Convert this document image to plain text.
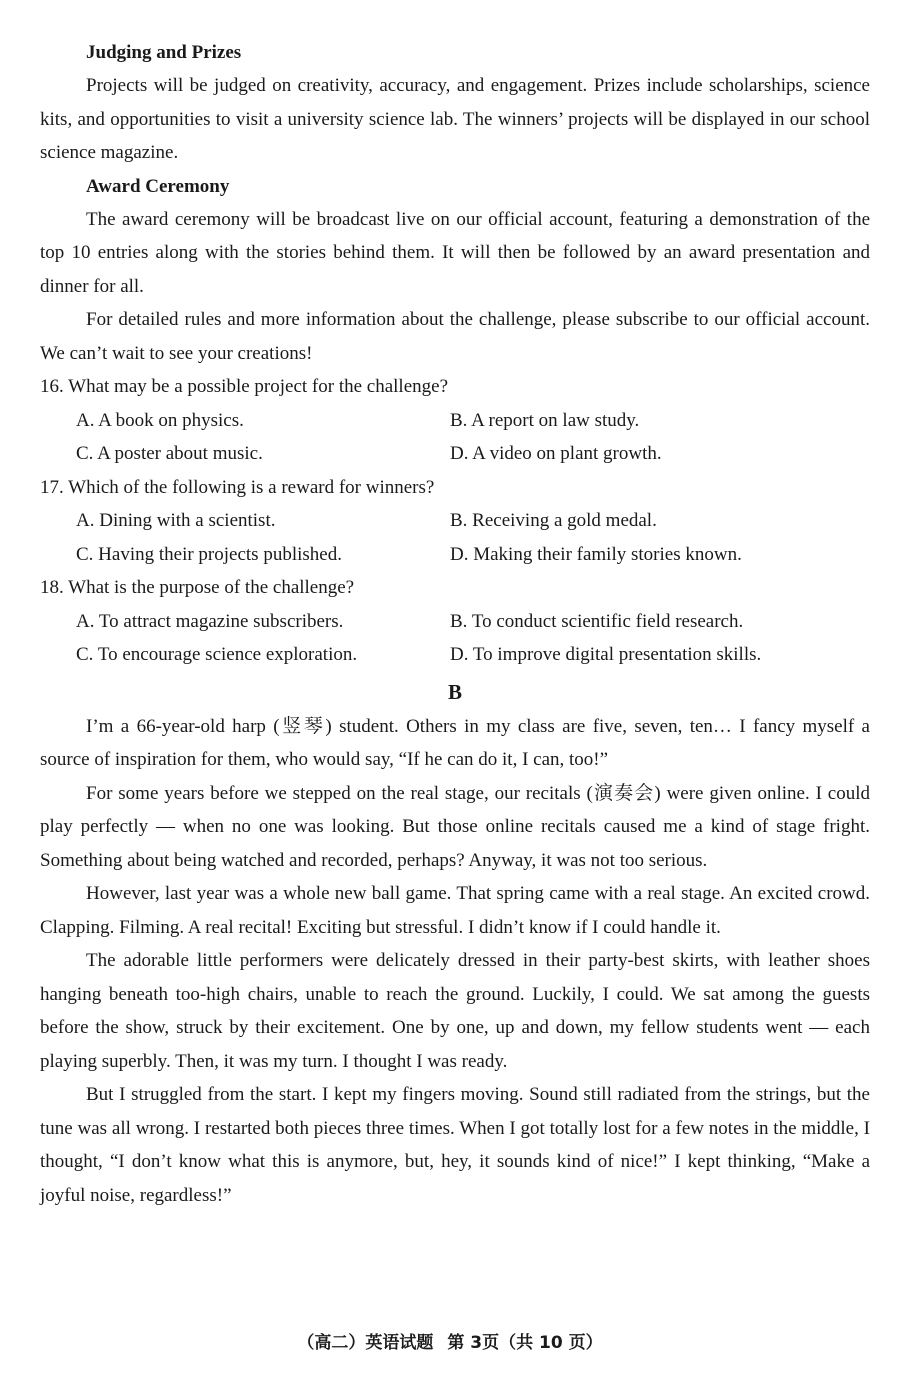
Judging and Prizes

Projects will be judged on creativity, accuracy, and engagement. Prizes include scholarships, science kits, and opportunities to visit a university science lab. The winners’ projects will be displayed in our school science magazine.

Award Ceremony

The award ceremony will be broadcast live on our official account, featuring a demonstration of the top 10 entries along with the stories behind them. It will then be followed by an award presentation and dinner for all.

For detailed rules and more information about the challenge, please subscribe to our official account. We can’t wait to see your creations!

16. What may be a possible project for the challenge?

A. A book on physics.	B. A report on law study.
C. A poster about music.	D. A video on plant growth.

17. Which of the following is a reward for winners?

A. Dining with a scientist.	B. Receiving a gold medal.
C. Having their projects published.	D. Making their family stories known.

18. What is the purpose of the challenge?

A. To attract magazine subscribers.	B. To conduct scientific field research.
C. To encourage science exploration.	D. To improve digital presentation skills.
B

I’m a 66-year-old harp (竖琴) student. Others in my class are five, seven, ten… I fancy myself a source of inspiration for them, who would say, “If he can do it, I can, too!”

For some years before we stepped on the real stage, our recitals (演奏会) were given online. I could play perfectly — when no one was looking. But those online recitals caused me a kind of stage fright. Something about being watched and recorded, perhaps? Anyway, it was not too serious.

However, last year was a whole new ball game. That spring came with a real stage. An excited crowd. Clapping. Filming. A real recital! Exciting but stressful. I didn’t know if I could handle it.

The adorable little performers were delicately dressed in their party-best skirts, with leather shoes hanging beneath too-high chairs, unable to reach the ground. Luckily, I could. We sat among the guests before the show, struck by their excitement. One by one, up and down, my fellow students went — each playing superbly. Then, it was my turn. I thought I was ready.

But I struggled from the start. I kept my fingers moving. Sound still radiated from the strings, but the tune was all wrong. I restarted both pieces three times. When I got totally lost for a few notes in the middle, I thought, “I don’t know what this is anymore, but, hey, it sounds kind of nice!” I kept thinking, “Make a joyful noise, regardless!”

（高二）英语试题 第 3页（共 10 页）
